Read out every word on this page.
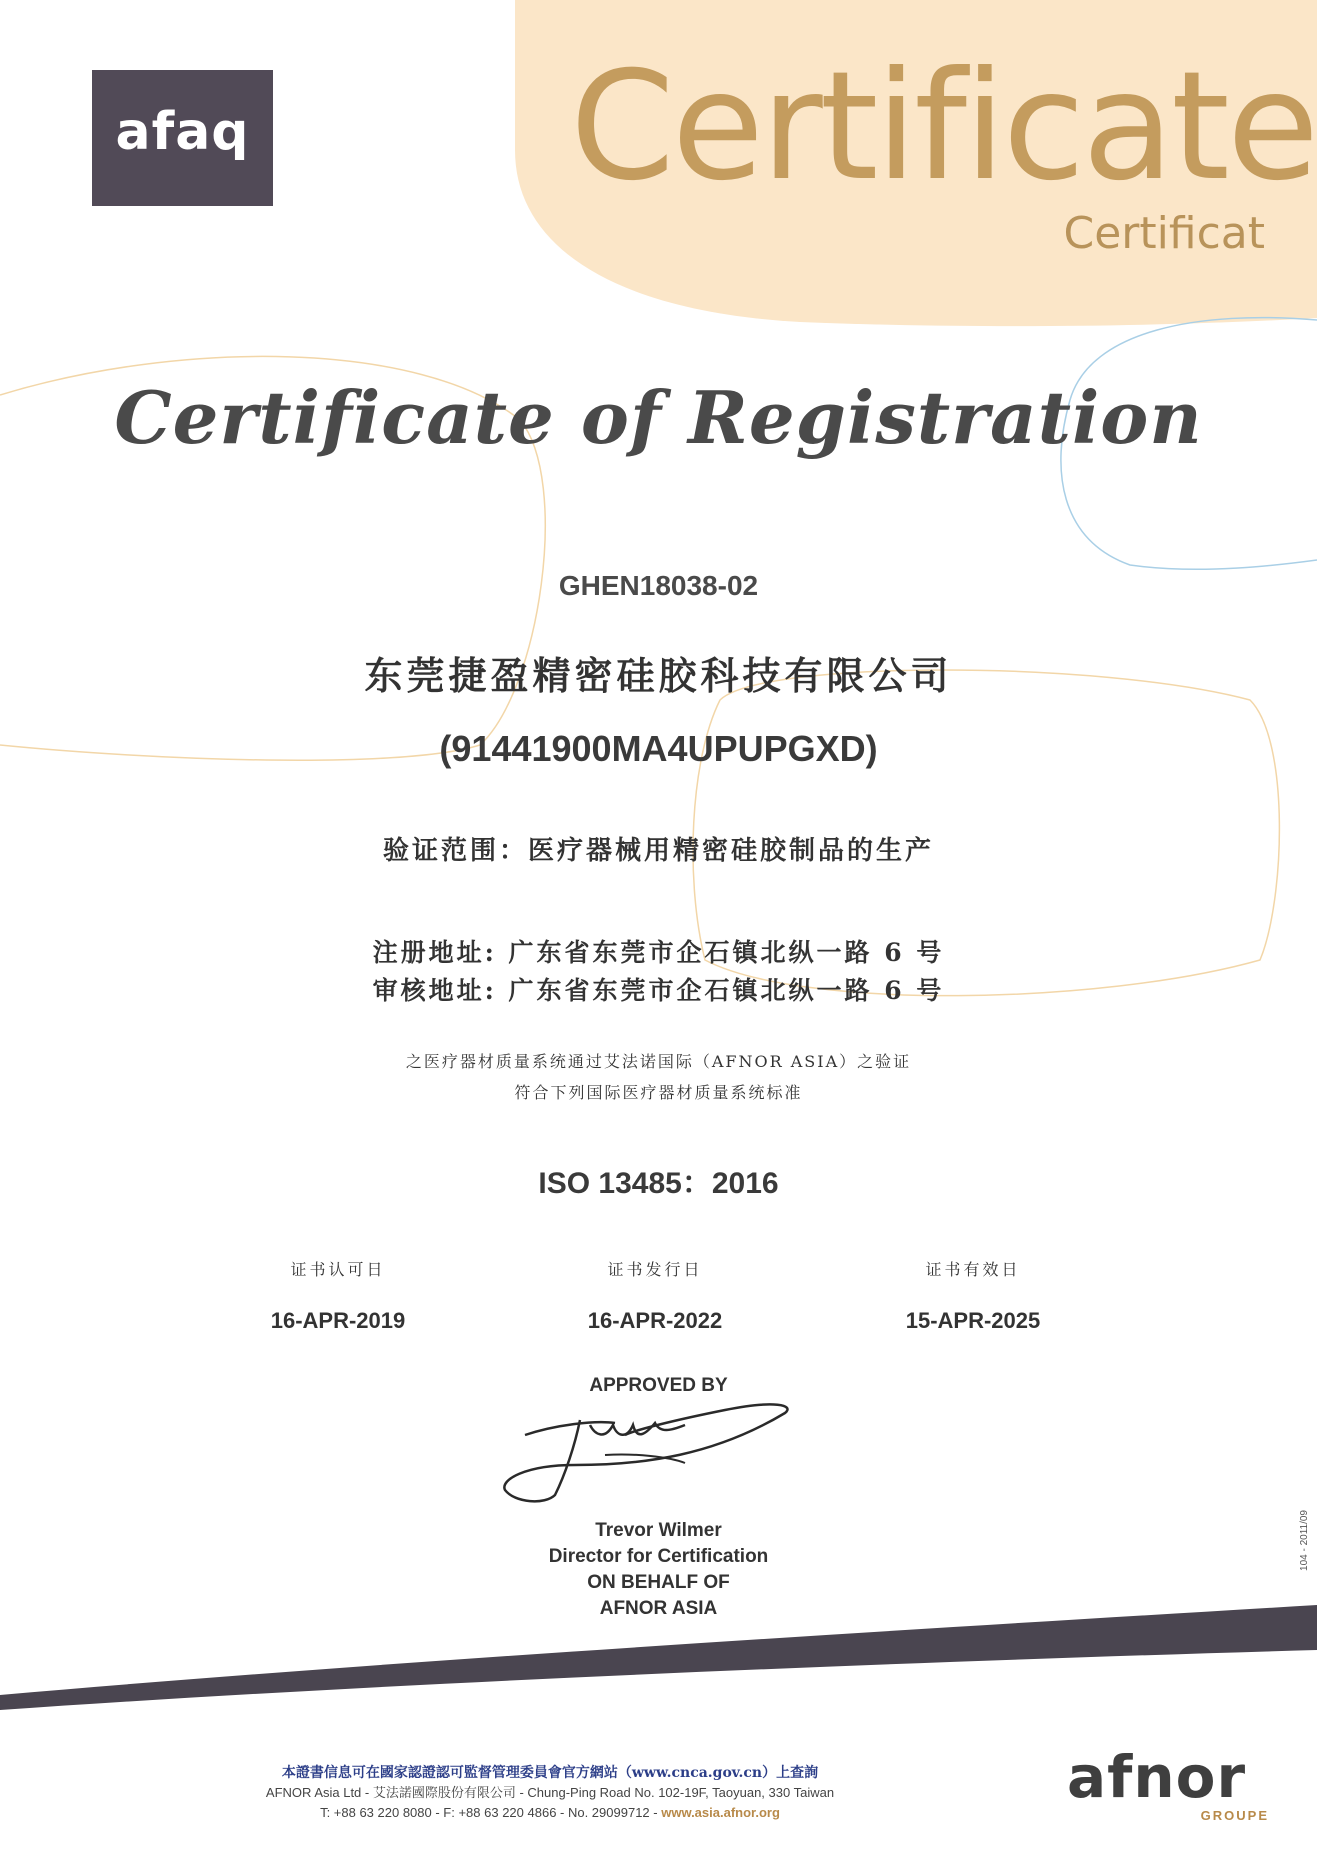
afaq Certificate
Certificat
Certificate of Registration
GHEN18038-02
东莞捷盈精密硅胶科技有限公司
(91441900MA4UPUPGXD)
验证范围：医疗器械用精密硅胶制品的生产
注册地址: 广东省东莞市企石镇北纵一路 6 号
审核地址: 广东省东莞市企石镇北纵一路 6 号
之医疗器材质量系统通过艾法诺国际（AFNOR ASIA）之验证
符合下列国际医疗器材质量系统标准
ISO 13485：2016
证书认可日
16-APR-2019
证书发行日
16-APR-2022
证书有效日
15-APR-2025
APPROVED BY
Trevor Wilmer
Director for Certification
ON BEHALF OF
AFNOR ASIA
104 - 2011/09
本證書信息可在國家認證認可監督管理委員會官方網站（www.cnca.gov.cn）上查詢
AFNOR Asia Ltd - 艾法諾國際股份有限公司 - Chung-Ping Road No. 102-19F, Taoyuan, 330 Taiwan
T: +88 63 220 8080 - F: +88 63 220 4866 - No. 29099712 - www.asia.afnor.org
afnor
GROUPE
